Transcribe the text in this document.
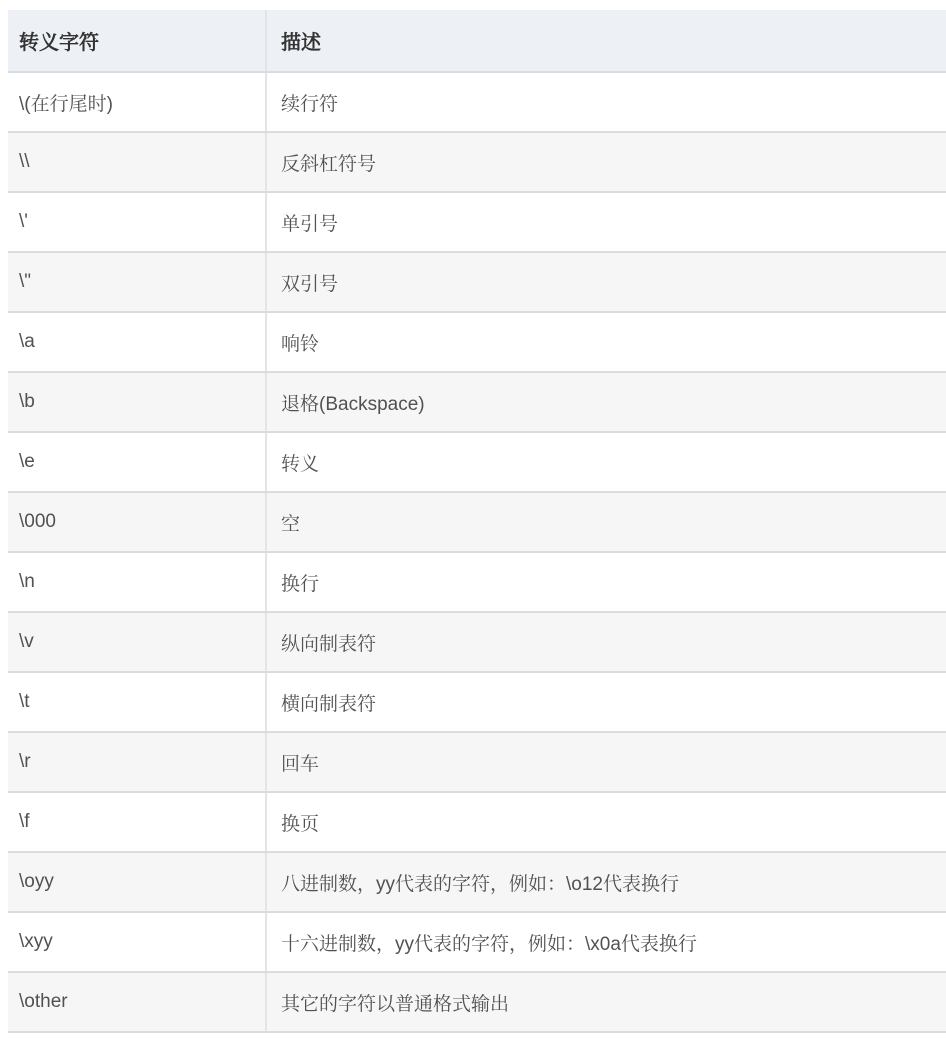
转义字符	描述
\(在行尾时)	续行符
\\	反斜杠符号
\'	单引号
\"	双引号
\a	响铃
\b	退格(Backspace)
\e	转义
\000	空
\n	换行
\v	纵向制表符
\t	横向制表符
\r	回车
\f	换页
\oyy	八进制数，yy代表的字符，例如：\o12代表换行
\xyy	十六进制数，yy代表的字符，例如：\x0a代表换行
\other	其它的字符以普通格式输出
